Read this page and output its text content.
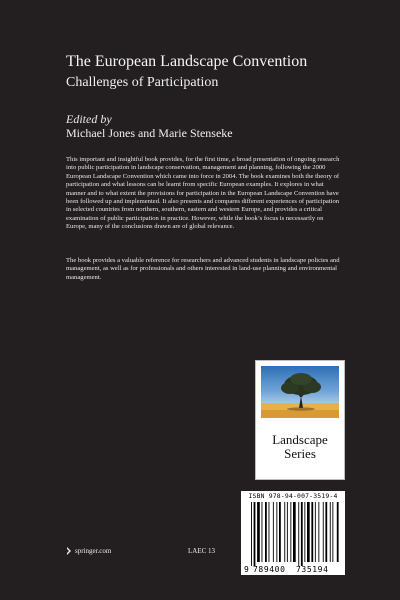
The European Landscape Convention
Challenges of Participation
Edited by
Michael Jones and Marie Stenseke
This important and insightful book provides, for the first time, a broad presentation of ongoing research into public participation in landscape conservation, management and planning, following the 2000 European Landscape Convention which came into force in 2004. The book examines both the theory of participation and what lessons can be learnt from specific European examples. It explores in what manner and to what extent the provisions for participation in the European Landscape Convention have been followed up and implemented. It also presents and compares different experiences of participation in selected countries from northern, southern, eastern and western Europe, and provides a critical examination of public participation in practice. However, while the book’s focus is necessarily on Europe, many of the conclusions drawn are of global relevance.
The book provides a valuable reference for researchers and advanced students in landscape policies and management, as well as for professionals and others interested in land-use planning and environmental management.
Landscape
Series
ISBN 978-94-007-3519-4
9 789400 735194
springer.com	LAEC 13
